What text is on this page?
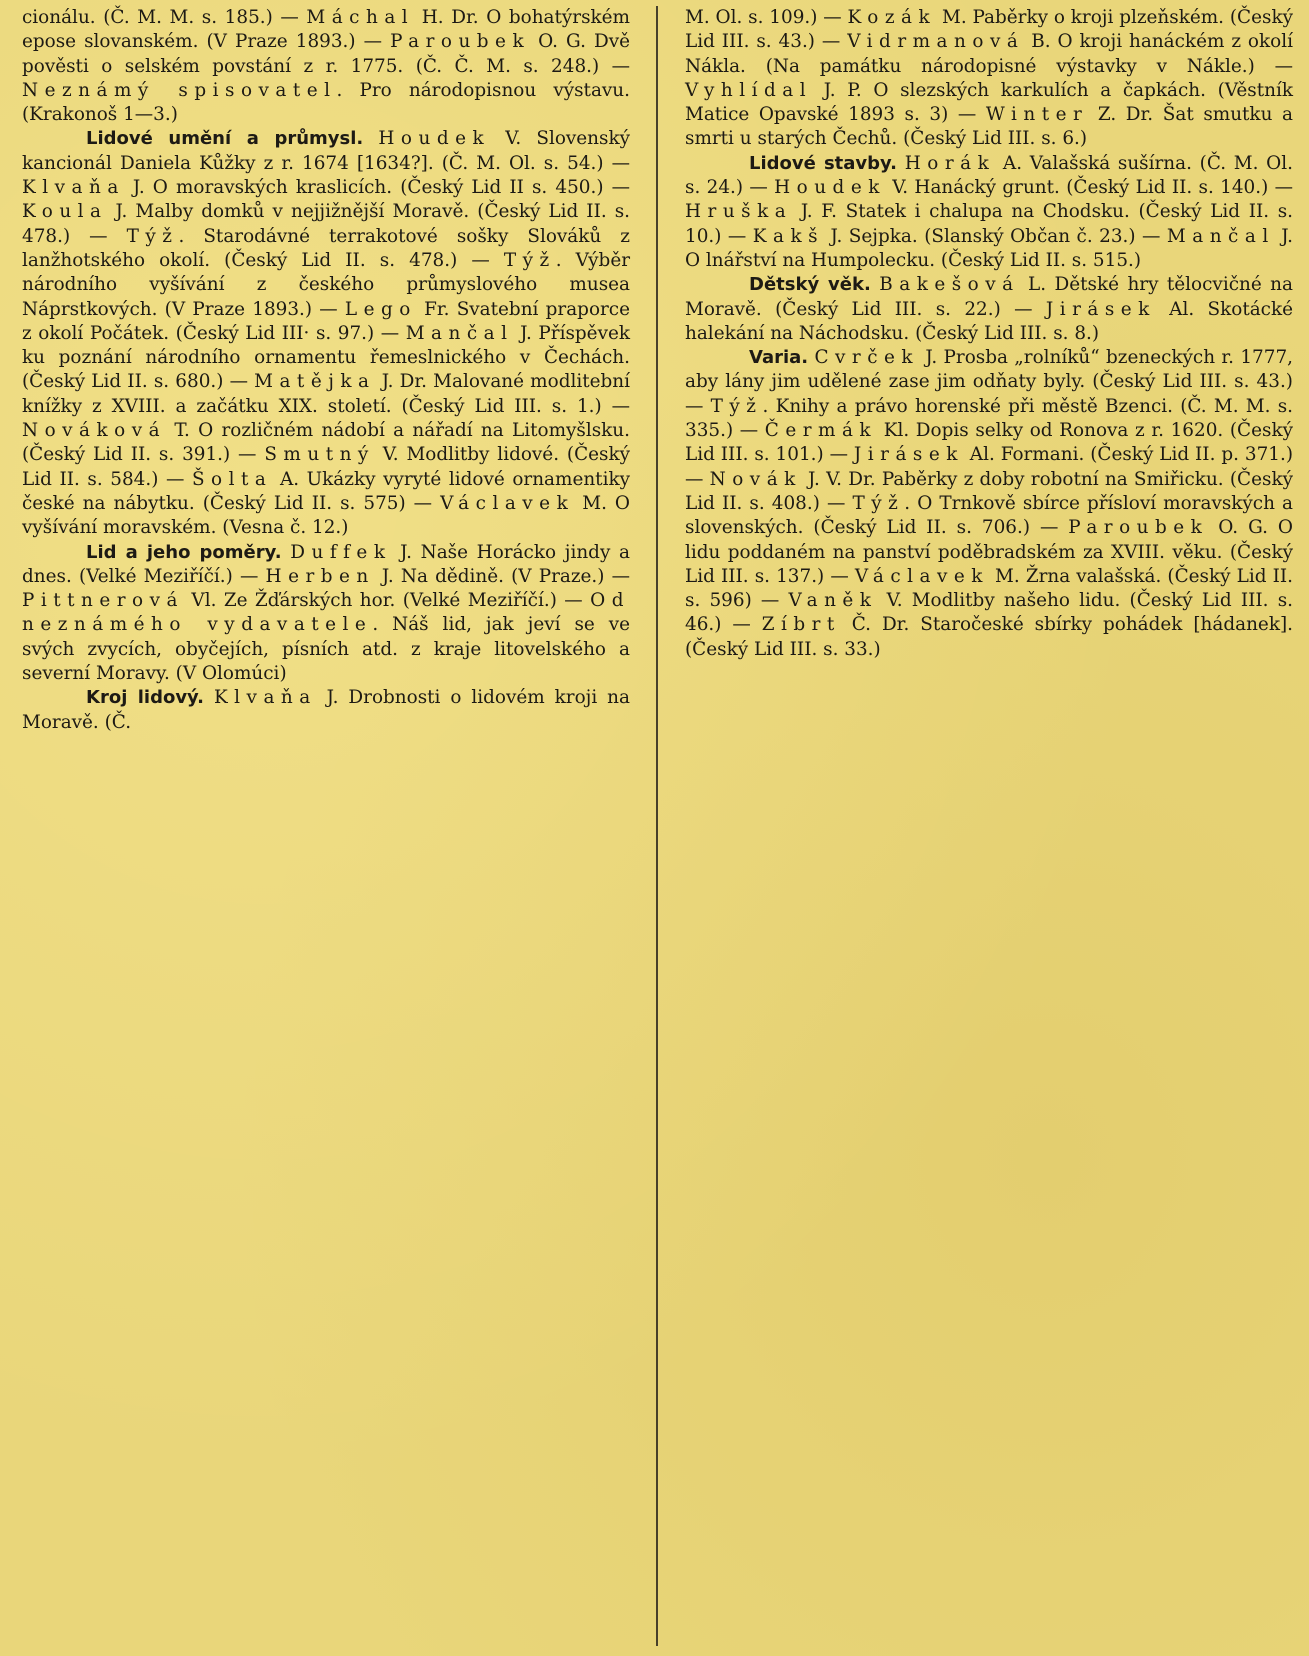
cionálu. (Č. M. M. s. 185.) — Máchal H. Dr. O bohatýrském epose slovanském. (V Praze 1893.) — Paroubek O. G. Dvě pověsti o selském povstání z r. 1775. (Č. Č. M. s. 248.) — Neznámý spisovatel. Pro národopisnou výstavu. (Krakonoš 1—3.)

Lidové umění a průmysl. Houdek V. Slovenský kancionál Daniela Kůžky z r. 1674 [1634?]. (Č. M. Ol. s. 54.) — Klvaňa J. O moravských kraslicích. (Český Lid II s. 450.) — Koula J. Malby domků v nejjižnější Moravě. (Český Lid II. s. 478.) — Týž. Starodávné terrakotové sošky Slováků z lanžhotského okolí. (Český Lid II. s. 478.) — Týž. Výběr národního vyšívání z českého průmyslového musea Náprstkových. (V Praze 1893.) — Lego Fr. Svatební praporce z okolí Počátek. (Český Lid III· s. 97.) — Mančal J. Příspěvek ku poznání národního ornamentu řemeslnického v Čechách. (Český Lid II. s. 680.) — Matějka J. Dr. Malované modlitební knížky z XVIII. a začátku XIX. století. (Český Lid III. s. 1.) — Nováková T. O rozličném nádobí a nářadí na Litomyšlsku. (Český Lid II. s. 391.) — Smutný V. Modlitby lidové. (Český Lid II. s. 584.) — Šolta A. Ukázky vyryté lidové ornamentiky české na nábytku. (Český Lid II. s. 575) — Václavek M. O vyšívání moravském. (Vesna č. 12.)

Lid a jeho poměry. Duffek J. Naše Horácko jindy a dnes. (Velké Meziříčí.) — Herben J. Na dědině. (V Praze.) — Pittnerová Vl. Ze Žďárských hor. (Velké Meziříčí.) — Od neznámého vydavatele. Náš lid, jak jeví se ve svých zvycích, obyčejích, písních atd. z kraje litovelského a severní Moravy. (V Olomúci)

Kroj lidový. Klvaňa J. Drobnosti o lidovém kroji na Moravě. (Č.

M. Ol. s. 109.) — Kozák M. Paběrky o kroji plzeňském. (Český Lid III. s. 43.) — Vidrmanová B. O kroji hanáckém z okolí Nákla. (Na památku národopisné výstavky v Nákle.) — Vyhlídal J. P. O slezských karkulích a čapkách. (Věstník Matice Opavské 1893 s. 3) — Winter Z. Dr. Šat smutku a smrti u starých Čechů. (Český Lid III. s. 6.)

Lidové stavby. Horák A. Valašská sušírna. (Č. M. Ol. s. 24.) — Houdek V. Hanácký grunt. (Český Lid II. s. 140.) — Hruška J. F. Statek i chalupa na Chodsku. (Český Lid II. s. 10.) — Kakš J. Sejpka. (Slanský Občan č. 23.) — Mančal J. O lnářství na Humpolecku. (Český Lid II. s. 515.)

Dětský věk. Bakešová L. Dětské hry tělocvičné na Moravě. (Český Lid III. s. 22.) — Jirásek Al. Skotácké halekání na Náchodsku. (Český Lid III. s. 8.)

Varia. Cvrček J. Prosba „rolníků“ bzeneckých r. 1777, aby lány jim udělené zase jim odňaty byly. (Český Lid III. s. 43.) — Týž. Knihy a právo horenské při městě Bzenci. (Č. M. M. s. 335.) — Čermák Kl. Dopis selky od Ronova z r. 1620. (Český Lid III. s. 101.) — Jirásek Al. Formani. (Český Lid II. p. 371.) — Novák J. V. Dr. Paběrky z doby robotní na Smiřicku. (Český Lid II. s. 408.) — Týž. O Trnkově sbírce přísloví moravských a slovenských. (Český Lid II. s. 706.) — Paroubek O. G. O lidu poddaném na panství poděbradském za XVIII. věku. (Český Lid III. s. 137.) — Václavek M. Žrna valašská. (Český Lid II. s. 596) — Vaněk V. Modlitby našeho lidu. (Český Lid III. s. 46.) — Zíbrt Č. Dr. Staročeské sbírky pohádek [hádanek]. (Český Lid III. s. 33.)
